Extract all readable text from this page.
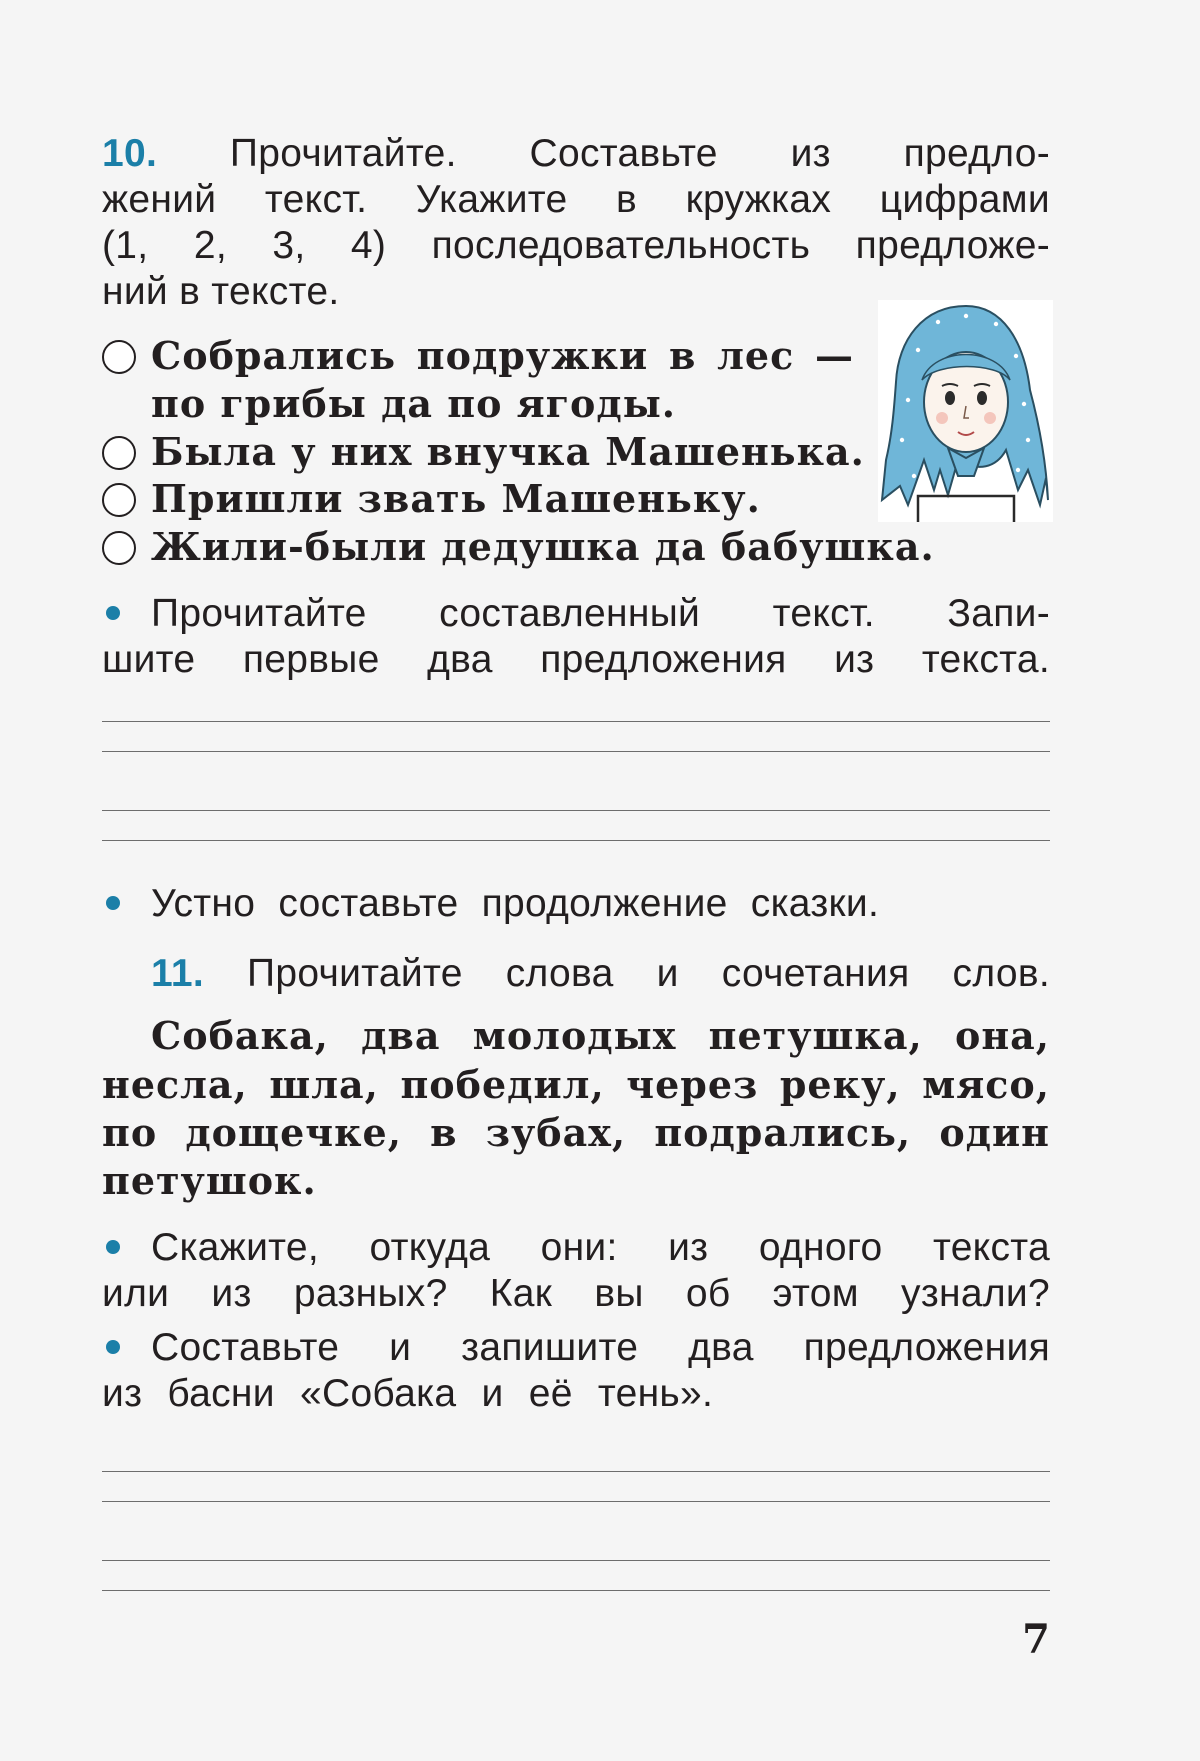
10. Прочитайте. Составьте из предло-

жений текст. Укажите в кружках цифрами

(1, 2, 3, 4) последовательность предложе-

ний в тексте.

Собрались подружки в лес —

по грибы да по ягоды.

Была у них внучка Машенька.

Пришли звать Машеньку.

Жили-были дедушка да бабушка.

Прочитайте составленный текст. Запи-

шите первые два предложения из текста.

Устно составьте продолжение сказки.

11. Прочитайте слова и сочетания слов.

Собака, два молодых петушка, она,

несла, шла, победил, через реку, мясо,

по дощечке, в зубах, подрались, один

петушок.

Скажите, откуда они: из одного текста

или из разных? Как вы об этом узнали?

Составьте и запишите два предложения

из басни «Собака и её тень».

7
